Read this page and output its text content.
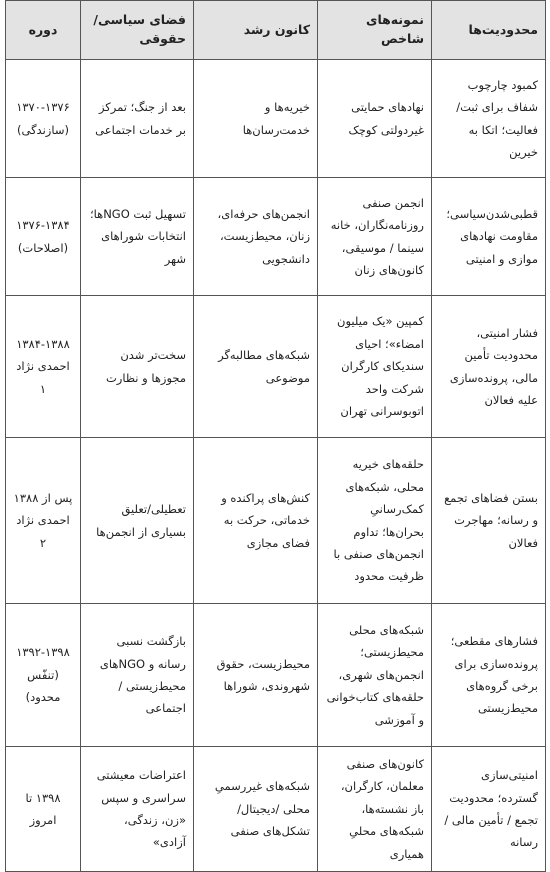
محدودیت‌ها	نمونه‌های شاخص	کانون رشد	فضای سیاسی/ حقوقی	دوره
کمبود چارچوب شفاف برای ثبت/فعالیت؛ اتکا به خیرین	نهادهای حمایتی غیردولتی کوچک	خیریه‌ها و خدمت‌رسان‌ها	بعد از جنگ؛ تمرکز بر خدمات اجتماعی	۱۳۷۰-۱۳۷۶ (سازندگی)
قطبی‌شدن‌سیاسی؛ مقاومت نهادهای موازی و امنیتی	انجمن صنفی روزنامه‌نگاران، خانه سینما / موسیقی، کانون‌های زنان	انجمن‌های حرفه‌ای، زنان، محیط‌زیست، دانشجویی	تسهیل ثبت NGOها؛ انتخابات شوراهای شهر	۱۳۷۶-۱۳۸۴ (اصلاحات)
فشار امنیتی، محدودیت تأمین مالی، پرونده‌سازی علیه فعالان	کمپین «یک میلیون امضاء»؛ احیای سندیکای کارگران شرکت واحد اتوبوسرانی تهران	شبکه‌های مطالبه‌گر موضوعی	سخت‌تر شدن مجوزها و نظارت	۱۳۸۴-۱۳۸۸ احمدی نژاد ۱
بستن فضاهای تجمع و رسانه؛ مهاجرت فعالان	حلقه‌های خیریه محلی، شبکه‌های کمک‌رسانیِ بحران‌ها؛ تداوم انجمن‌های صنفی با ظرفیت محدود	کنش‌های پراکنده و خدماتی، حرکت به فضای مجازی	تعطیلی/تعلیق بسیاری از انجمن‌ها	پس از ۱۳۸۸ احمدی نژاد ۲
فشارهای مقطعی؛ پرونده‌سازی برای برخی گروه‌های محیط‌زیستی	شبکه‌های محلی محیط‌زیستی؛ انجمن‌های شهری، حلقه‌های کتاب‌خوانی و آموزشی	محیط‌زیست، حقوق شهروندی، شوراها	بازگشت نسبی رسانه و NGOهای محیط‌زیستی / اجتماعی	۱۳۹۲-۱۳۹۸ (تنفّس محدود)
امنیتی‌سازی گسترده؛ محدودیت تجمع / تأمین مالی /رسانه	کانون‌های صنفی معلمان، کارگران، باز نشسته‌ها، شبکه‌های محلیِ همیاری	شبکه‌های غیررسمیِ محلی /دیجیتال/ تشکل‌های صنفی	اعتراضات معیشتی سراسری و سپس «زن، زندگی، آزادی»	۱۳۹۸ تا امروز
